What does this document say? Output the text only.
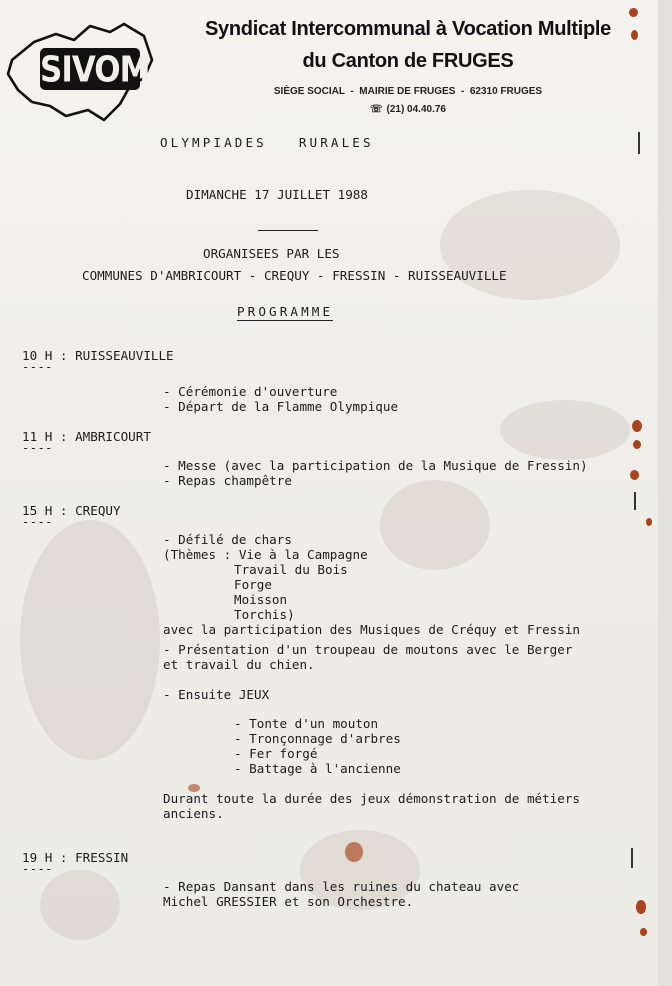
SIVOM
Syndicat Intercommunal à Vocation Multiple
du Canton de FRUGES
SIÈGE SOCIAL  -  MAIRIE DE FRUGES  -  62310 FRUGES
☏ (21) 04.40.76
OLYMPIADES   RURALES
DIMANCHE 17 JUILLET 1988
ORGANISEES PAR LES
COMMUNES D'AMBRICOURT - CREQUY - FRESSIN - RUISSEAUVILLE
PROGRAMME
10 H : RUISSEAUVILLE
----
- Cérémonie d'ouverture
- Départ de la Flamme Olympique
11 H : AMBRICOURT
----
- Messe (avec la participation de la Musique de Fressin)
- Repas champêtre
15 H : CREQUY
----
- Défilé de chars
(Thèmes : Vie à la Campagne
Travail du Bois
Forge
Moisson
Torchis)
avec la participation des Musiques de Créquy et Fressin
- Présentation d'un troupeau de moutons avec le Berger
et travail du chien.
- Ensuite JEUX
- Tonte d'un mouton
- Tronçonnage d'arbres
- Fer forgé
- Battage à l'ancienne
Durant toute la durée des jeux démonstration de métiers
anciens.
19 H : FRESSIN
----
- Repas Dansant dans les ruines du chateau avec
Michel GRESSIER et son Orchestre.
